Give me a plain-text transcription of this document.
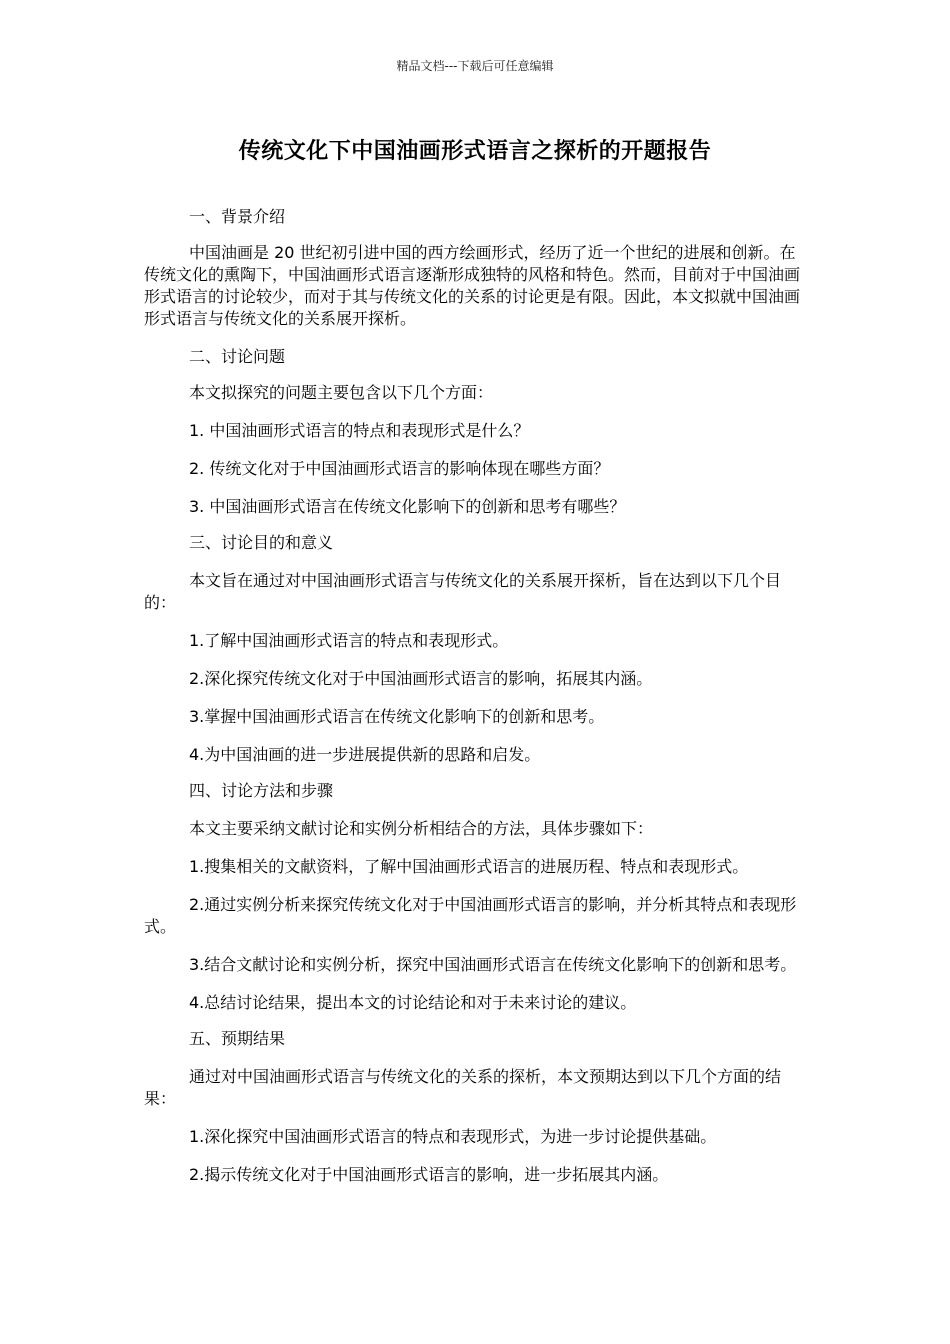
精品文档---下载后可任意编辑
传统文化下中国油画形式语言之探析的开题报告

一、背景介绍

中国油画是 20 世纪初引进中国的西方绘画形式，经历了近一个世纪的进展和创新。在传统文化的熏陶下，中国油画形式语言逐渐形成独特的风格和特色。然而，目前对于中国油画形式语言的讨论较少，而对于其与传统文化的关系的讨论更是有限。因此，本文拟就中国油画形式语言与传统文化的关系展开探析。

二、讨论问题

本文拟探究的问题主要包含以下几个方面：

1. 中国油画形式语言的特点和表现形式是什么？

2. 传统文化对于中国油画形式语言的影响体现在哪些方面？

3. 中国油画形式语言在传统文化影响下的创新和思考有哪些？

三、讨论目的和意义

本文旨在通过对中国油画形式语言与传统文化的关系展开探析，旨在达到以下几个目的：

1.了解中国油画形式语言的特点和表现形式。

2.深化探究传统文化对于中国油画形式语言的影响，拓展其内涵。

3.掌握中国油画形式语言在传统文化影响下的创新和思考。

4.为中国油画的进一步进展提供新的思路和启发。

四、讨论方法和步骤

本文主要采纳文献讨论和实例分析相结合的方法，具体步骤如下：

1.搜集相关的文献资料，了解中国油画形式语言的进展历程、特点和表现形式。

2.通过实例分析来探究传统文化对于中国油画形式语言的影响，并分析其特点和表现形式。

3.结合文献讨论和实例分析，探究中国油画形式语言在传统文化影响下的创新和思考。

4.总结讨论结果，提出本文的讨论结论和对于未来讨论的建议。

五、预期结果

通过对中国油画形式语言与传统文化的关系的探析，本文预期达到以下几个方面的结果：

1.深化探究中国油画形式语言的特点和表现形式，为进一步讨论提供基础。

2.揭示传统文化对于中国油画形式语言的影响，进一步拓展其内涵。
